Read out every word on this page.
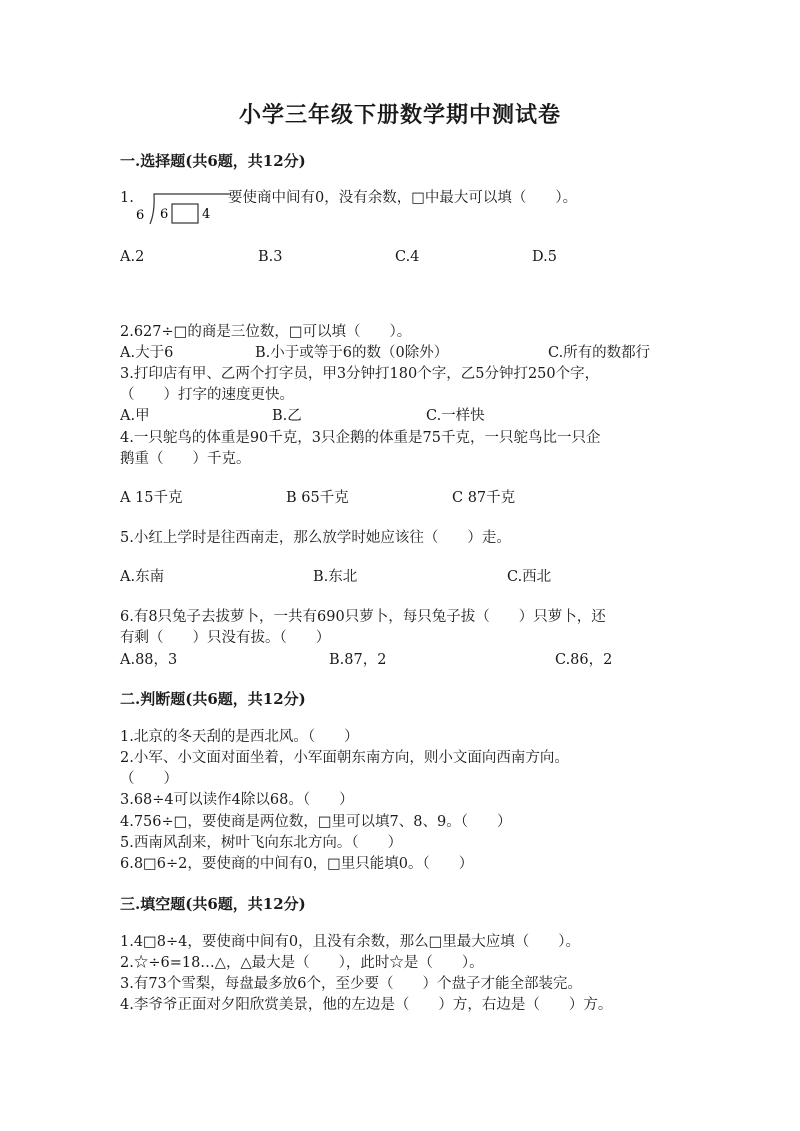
小学三年级下册数学期中测试卷
一.选择题(共6题，共12分)
1.
6 6	4
要使商中间有0，没有余数，□中最大可以填（　　）。
A.2	B.3	C.4	D.5
2.627÷□的商是三位数，□可以填（　　）。
A.大于6	B.小于或等于6的数（0除外）	C.所有的数都行
3.打印店有甲、乙两个打字员，甲3分钟打180个字，乙5分钟打250个字，
（　　）打字的速度更快。
A.甲	B.乙	C.一样快
4.一只鸵鸟的体重是90千克，3只企鹅的体重是75千克，一只鸵鸟比一只企
鹅重（　　）千克。
A 15千克	B 65千克	C 87千克
5.小红上学时是往西南走，那么放学时她应该往（　　）走。
A.东南	B.东北	C.西北
6.有8只兔子去拔萝卜，一共有690只萝卜，每只兔子拔（　　）只萝卜，还
有剩（　　）只没有拔。（　　）
A.88，3	B.87，2	C.86，2
二.判断题(共6题，共12分)
1.北京的冬天刮的是西北风。（　　）
2.小军、小文面对面坐着，小军面朝东南方向，则小文面向西南方向。
（　　）
3.68÷4可以读作4除以68。（　　）
4.756÷□，要使商是两位数，□里可以填7、8、9。（　　）
5.西南风刮来，树叶飞向东北方向。（　　）
6.8□6÷2，要使商的中间有0，□里只能填0。（　　）
三.填空题(共6题，共12分)
1.4□8÷4，要使商中间有0，且没有余数，那么□里最大应填（　　）。
2.☆÷6=18…△，△最大是（　　），此时☆是（　　）。
3.有73个雪梨，每盘最多放6个，至少要（　　）个盘子才能全部装完。
4.李爷爷正面对夕阳欣赏美景，他的左边是（　　）方，右边是（　　）方。
